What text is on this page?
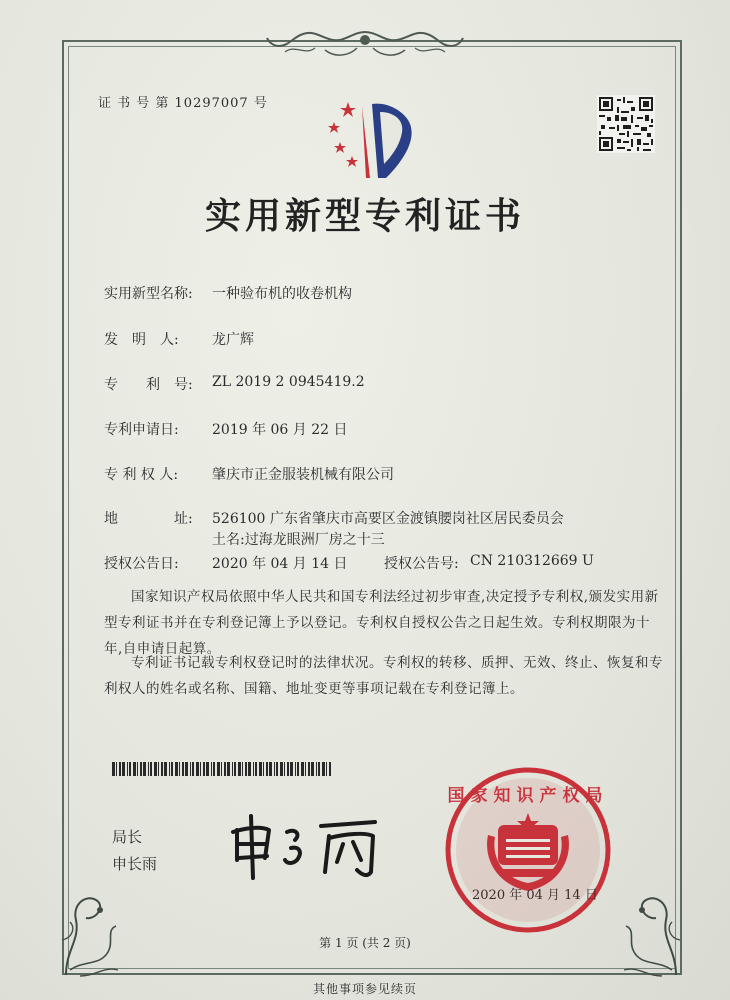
证 书 号 第 10297007 号
实用新型专利证书
实用新型名称: 一种验布机的收卷机构
发　明　人: 龙广辉
专　　利　号: ZL 2019 2 0945419.2
专利申请日: 2019 年 06 月 22 日
专 利 权 人: 肇庆市正金服装机械有限公司
地　　　　址: 526100 广东省肇庆市高要区金渡镇腰岗社区居民委员会
土名:过海龙眼洲厂房之十三
授权公告日: 2020 年 04 月 14 日	授权公告号: CN 210312669 U
国家知识产权局依照中华人民共和国专利法经过初步审查,决定授予专利权,颁发实用新型专利证书并在专利登记簿上予以登记。专利权自授权公告之日起生效。专利权期限为十年,自申请日起算。
专利证书记载专利权登记时的法律状况。专利权的转移、质押、无效、终止、恢复和专利权人的姓名或名称、国籍、地址变更等事项记载在专利登记簿上。
局长
申长雨
国家知识产权局
2020 年 04 月 14 日
第 1 页 (共 2 页)
其他事项参见续页
